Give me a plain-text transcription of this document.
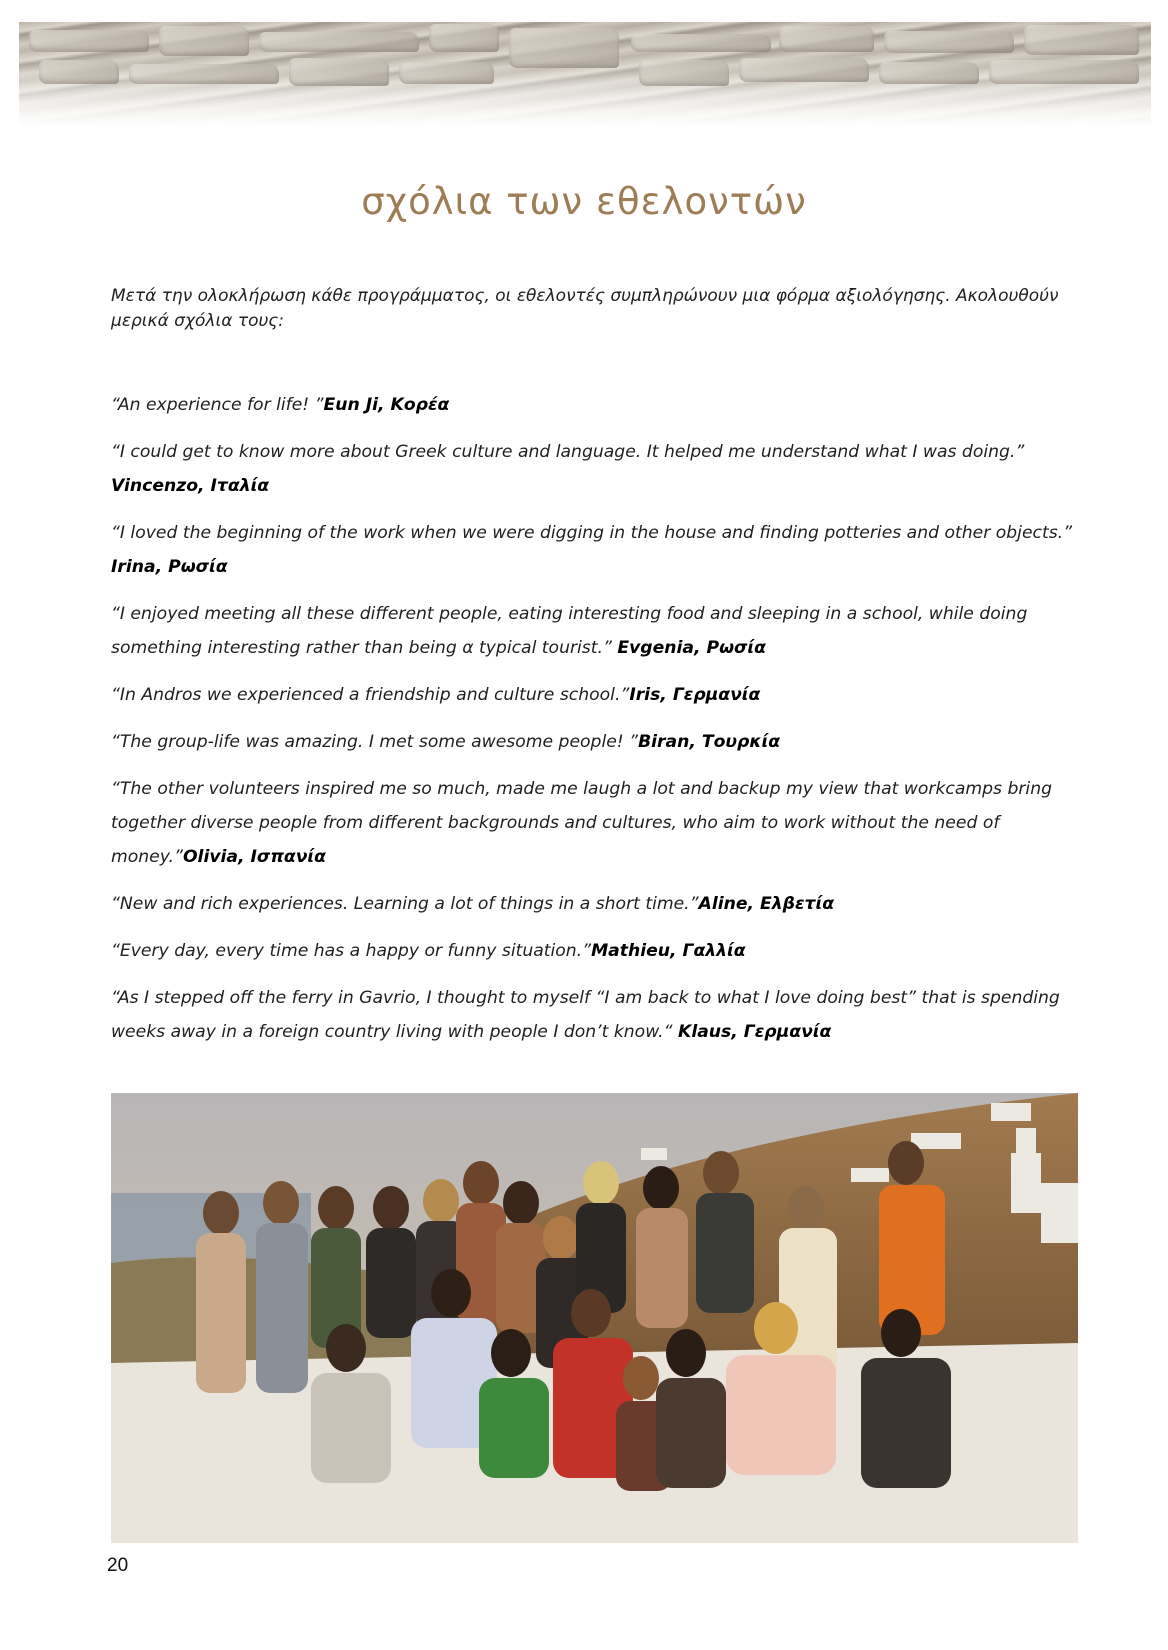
σχόλια των εθελοντών
Μετά την ολοκλήρωση κάθε προγράμματος, οι εθελοντές συμπληρώνουν μια φόρμα αξιολόγησης. Ακολουθούν μερικά σχόλια τους:

“An experience for life! ”Eun Ji, Κορέα

“I could get to know more about Greek culture and language. It helped me understand what I was doing.” Vincenzo, Ιταλία

“I loved the beginning of the work when we were digging in the house and finding potteries and other objects.” Irina, Ρωσία

“I enjoyed meeting all these different people, eating interesting food and sleeping in a school, while doing something interesting rather than being α typical tourist.” Evgenia, Ρωσία

“In Andros we experienced a friendship and culture school.”Iris, Γερμανία

“The group-life was amazing. I met some awesome people! ”Biran, Τουρκία

“The other volunteers inspired me so much, made me laugh a lot and backup my view that workcamps bring together diverse people from different backgrounds and cultures, who aim to work without the need of money.”Olivia, Ισπανία

“New and rich experiences. Learning a lot of things in a short time.”Aline, Ελβετία

“Every day, every time has a happy or funny situation.”Mathieu, Γαλλία

“As I stepped off the ferry in Gavrio, I thought to myself “I am back to what I love doing best” that is spending weeks away in a foreign country living with people I don’t know.“ Klaus, Γερμανία

20
